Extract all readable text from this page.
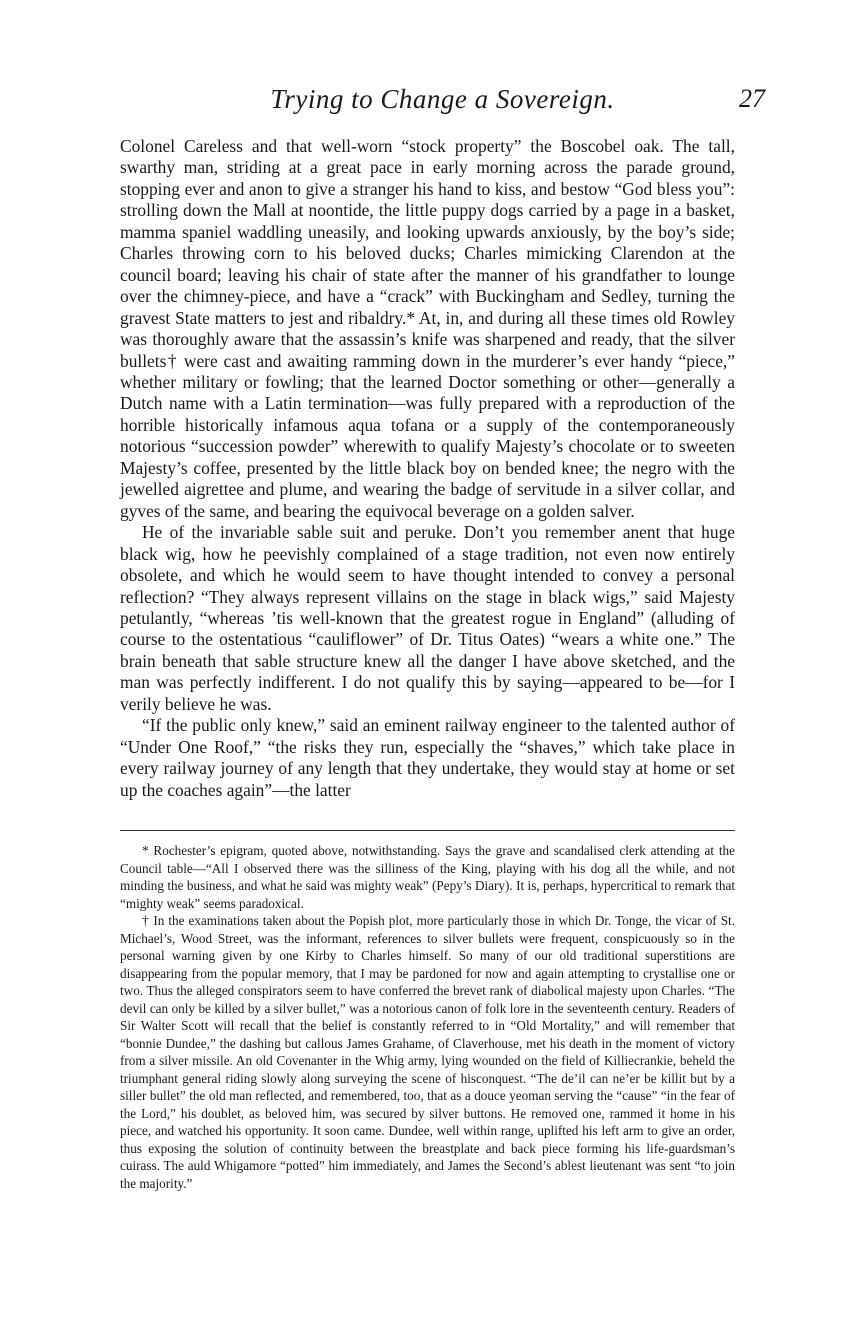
Trying to Change a Sovereign.	27

Colonel Careless and that well-worn “stock property” the Boscobel oak. The tall, swarthy man, striding at a great pace in early morning across the parade ground, stopping ever and anon to give a stranger his hand to kiss, and bestow “God bless you”: strolling down the Mall at noontide, the little puppy dogs carried by a page in a basket, mamma spaniel waddling uneasily, and looking upwards anxiously, by the boy’s side; Charles throwing corn to his beloved ducks; Charles mimicking Clarendon at the council board; leaving his chair of state after the manner of his grandfather to lounge over the chimney-piece, and have a “crack” with Buckingham and Sedley, turning the gravest State matters to jest and ribaldry.* At, in, and during all these times old Rowley was thoroughly aware that the assassin’s knife was sharpened and ready, that the silver bullets† were cast and awaiting ramming down in the murderer’s ever handy “piece,” whether military or fowling; that the learned Doctor something or other—generally a Dutch name with a Latin termination—was fully prepared with a reproduction of the horrible historically infamous aqua tofana or a supply of the contemporaneously notorious “succession powder” wherewith to qualify Majesty’s chocolate or to sweeten Majesty’s coffee, presented by the little black boy on bended knee; the negro with the jewelled aigrettee and plume, and wearing the badge of servitude in a silver collar, and gyves of the same, and bearing the equivocal beverage on a golden salver.

He of the invariable sable suit and peruke. Don’t you remember anent that huge black wig, how he peevishly complained of a stage tradition, not even now entirely obsolete, and which he would seem to have thought intended to convey a personal reflection? “They always represent villains on the stage in black wigs,” said Majesty petulantly, “whereas ’tis well-known that the greatest rogue in England” (alluding of course to the ostentatious “cauliflower” of Dr. Titus Oates) “wears a white one.” The brain beneath that sable structure knew all the danger I have above sketched, and the man was perfectly indifferent. I do not qualify this by saying—appeared to be—for I verily believe he was.

“If the public only knew,” said an eminent railway engineer to the talented author of “Under One Roof,” “the risks they run, especially the “shaves,” which take place in every railway journey of any length that they undertake, they would stay at home or set up the coaches again”—the latter

* Rochester’s epigram, quoted above, notwithstanding. Says the grave and scandalised clerk attending at the Council table—“All I observed there was the silliness of the King, playing with his dog all the while, and not minding the business, and what he said was mighty weak” (Pepy’s Diary). It is, perhaps, hypercritical to remark that “mighty weak” seems paradoxical.

† In the examinations taken about the Popish plot, more particularly those in which Dr. Tonge, the vicar of St. Michael’s, Wood Street, was the informant, references to silver bullets were frequent, conspicuously so in the personal warning given by one Kirby to Charles himself. So many of our old traditional superstitions are disappearing from the popular memory, that I may be pardoned for now and again attempting to crystallise one or two. Thus the alleged conspirators seem to have conferred the brevet rank of diabolical majesty upon Charles. “The devil can only be killed by a silver bullet,” was a notorious canon of folk lore in the seventeenth century. Readers of Sir Walter Scott will recall that the belief is constantly referred to in “Old Mortality,” and will remember that “bonnie Dundee,” the dashing but callous James Grahame, of Claverhouse, met his death in the moment of victory from a silver missile. An old Covenanter in the Whig army, lying wounded on the field of Killiecrankie, beheld the triumphant general riding slowly along surveying the scene of hisconquest. “The de’il can ne’er be killit but by a siller bullet” the old man reflected, and remembered, too, that as a douce yeoman serving the “cause” “in the fear of the Lord,” his doublet, as beloved him, was secured by silver buttons. He removed one, rammed it home in his piece, and watched his opportunity. It soon came. Dundee, well within range, uplifted his left arm to give an order, thus exposing the solution of continuity between the breastplate and back piece forming his life-guardsman’s cuirass. The auld Whigamore “potted” him immediately, and James the Second’s ablest lieutenant was sent “to join the majority.”
